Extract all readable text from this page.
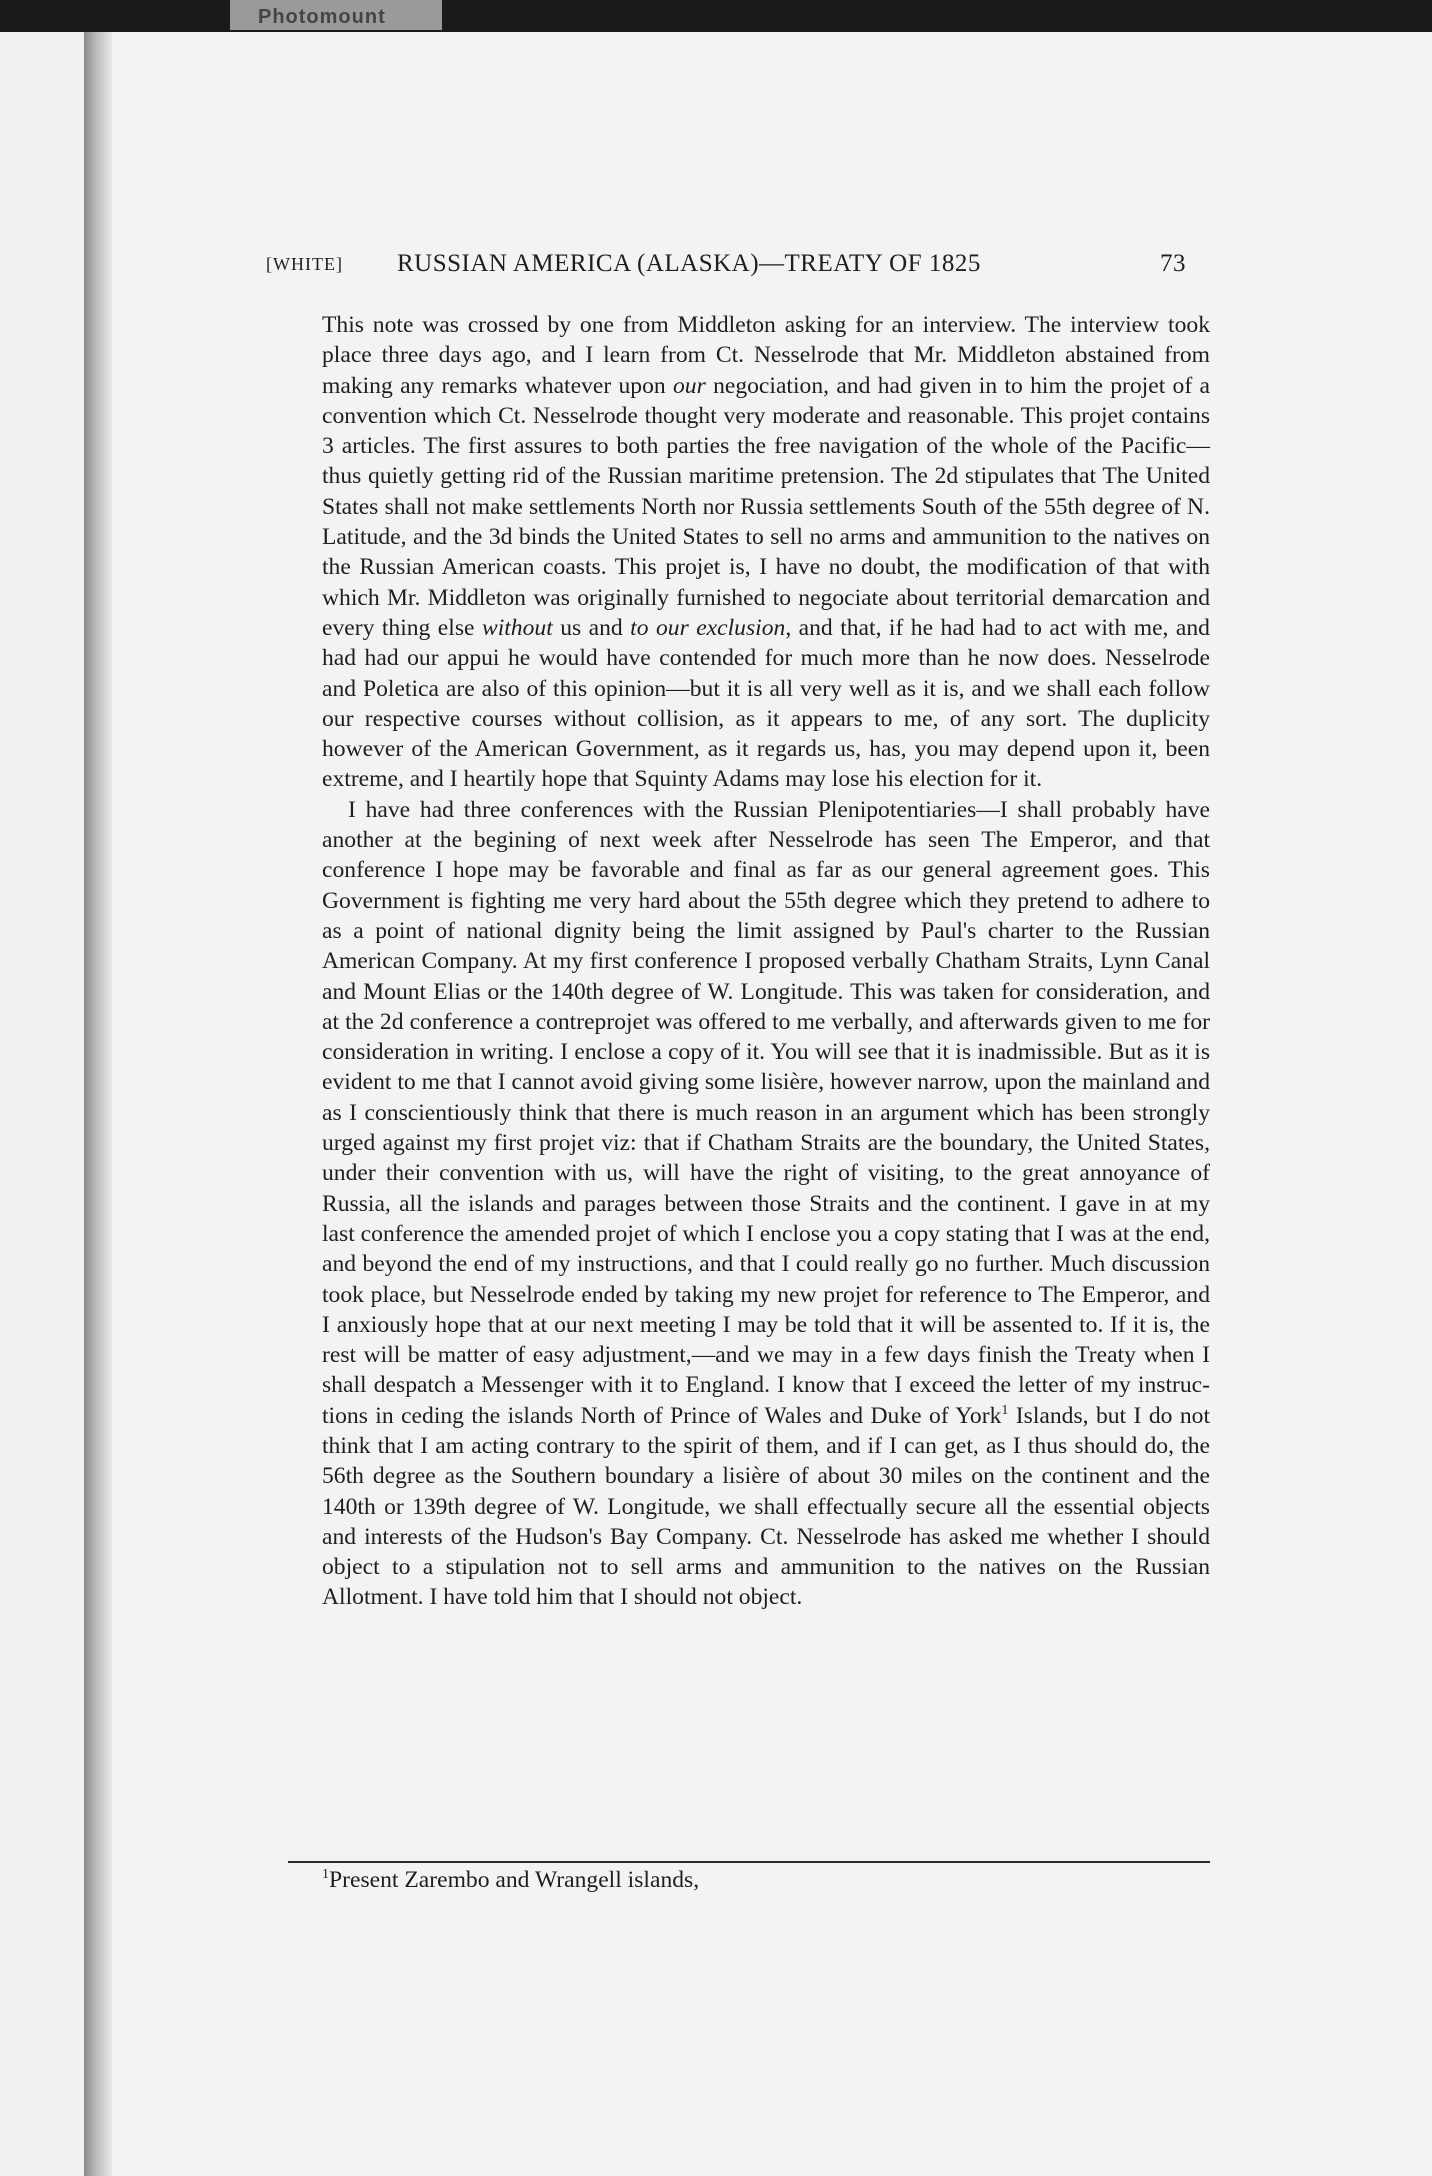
Photomount
[WHITE] RUSSIAN AMERICA (ALASKA)—TREATY OF 1825	73

This note was crossed by one from Middleton asking for an interview. The interview took place three days ago, and I learn from Ct. Nesselrode that Mr. Middleton abstained from making any remarks whatever upon our negociation, and had given in to him the projet of a convention which Ct. Nesselrode thought very moderate and reasonable. This projet contains 3 articles. The first assures to both parties the free navigation of the whole of the Pacific—thus quietly getting rid of the Russian maritime pretension. The 2d stipulates that The United States shall not make settlements North nor Russia settlements South of the 55th degree of N. Latitude, and the 3d binds the United States to sell no arms and ammunition to the natives on the Russian American coasts. This projet is, I have no doubt, the modification of that with which Mr. Middleton was originally furnished to negociate about territorial demarcation and every thing else without us and to our exclusion, and that, if he had had to act with me, and had had our appui he would have contended for much more than he now does. Nesselrode and Poletica are also of this opinion—but it is all very well as it is, and we shall each follow our respective courses without collision, as it appears to me, of any sort. The duplicity however of the American Government, as it regards us, has, you may depend upon it, been extreme, and I heartily hope that Squinty Adams may lose his election for it.

I have had three conferences with the Russian Plenipotentiaries—I shall probably have another at the begining of next week after Nesselrode has seen The Emperor, and that conference I hope may be favorable and final as far as our general agreement goes. This Government is fighting me very hard about the 55th degree which they pretend to adhere to as a point of national dignity being the limit assigned by Paul's charter to the Russian American Company. At my first conference I proposed verbally Chatham Straits, Lynn Canal and Mount Elias or the 140th degree of W. Longitude. This was taken for consideration, and at the 2d conference a contreprojet was offered to me verbally, and afterwards given to me for consideration in writing. I enclose a copy of it. You will see that it is inadmissible. But as it is evident to me that I cannot avoid giving some lisière, however narrow, upon the mainland and as I conscientiously think that there is much reason in an argument which has been strongly urged against my first projet viz: that if Chatham Straits are the boundary, the United States, under their convention with us, will have the right of visiting, to the great annoyance of Russia, all the islands and parages between those Straits and the continent. I gave in at my last conference the amended projet of which I enclose you a copy stating that I was at the end, and beyond the end of my instructions, and that I could really go no further. Much discussion took place, but Nesselrode ended by taking my new projet for reference to The Emperor, and I anxiously hope that at our next meeting I may be told that it will be assented to. If it is, the rest will be matter of easy adjustment,—and we may in a few days finish the Treaty when I shall despatch a Messenger with it to England. I know that I exceed the letter of my instructions in ceding the islands North of Prince of Wales and Duke of York$^1$ Islands, but I do not think that I am acting contrary to the spirit of them, and if I can get, as I thus should do, the 56th degree as the Southern boundary a lisière of about 30 miles on the continent and the 140th or 139th degree of W. Longitude, we shall effectually secure all the essential objects and interests of the Hudson's Bay Company. Ct. Nesselrode has asked me whether I should object to a stipulation not to sell arms and ammunition to the natives on the Russian Allotment. I have told him that I should not object.

$^1$Present Zarembo and Wrangell islands,
